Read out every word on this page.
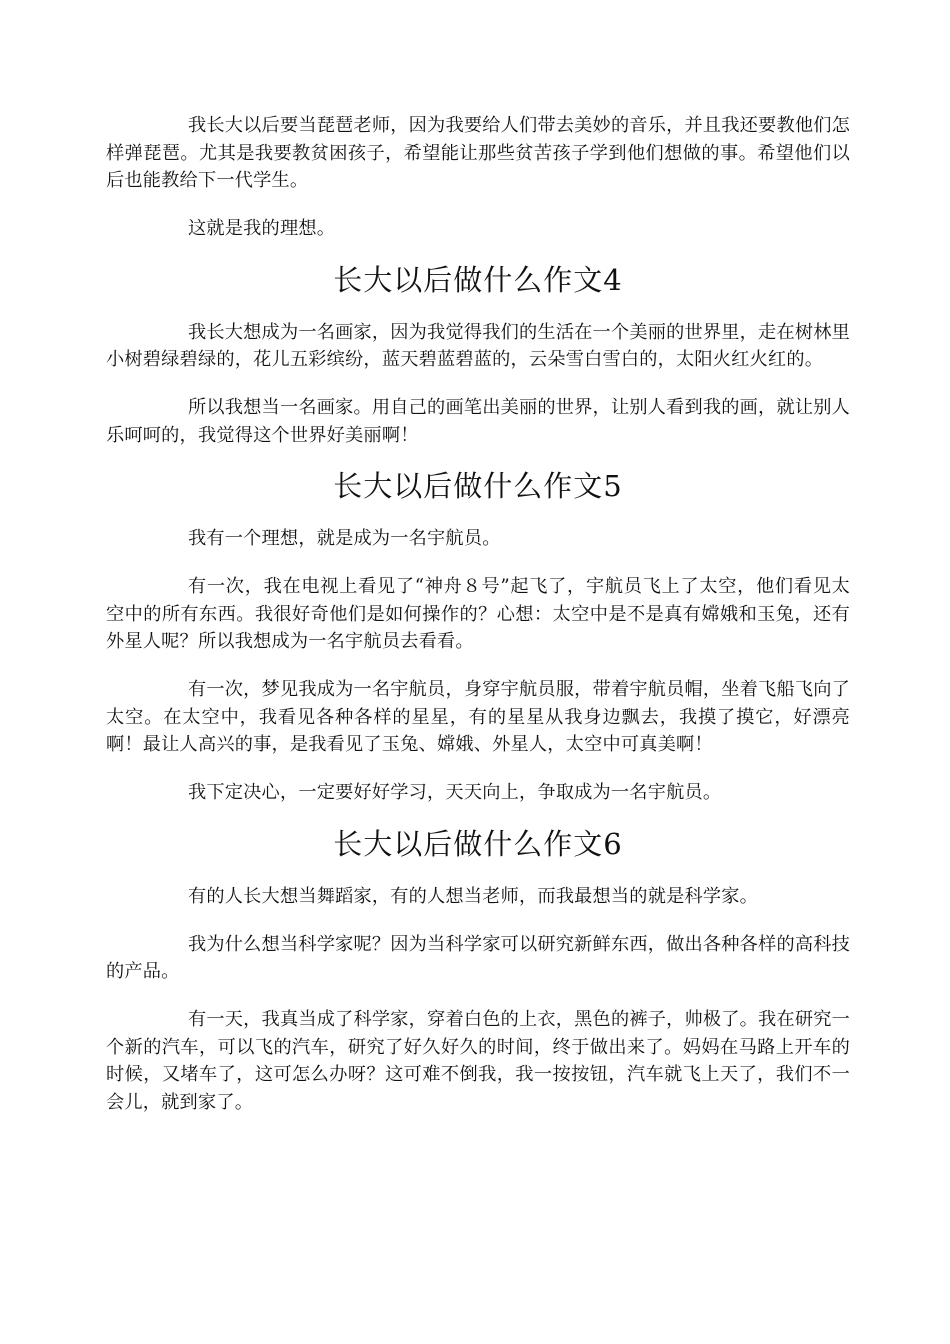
我长大以后要当琵琶老师，因为我要给人们带去美妙的音乐，并且我还要教他们怎样弹琵琶。尤其是我要教贫困孩子，希望能让那些贫苦孩子学到他们想做的事。希望他们以后也能教给下一代学生。

这就是我的理想。

长大以后做什么作文4

我长大想成为一名画家，因为我觉得我们的生活在一个美丽的世界里，走在树林里小树碧绿碧绿的，花儿五彩缤纷，蓝天碧蓝碧蓝的，云朵雪白雪白的，太阳火红火红的。

所以我想当一名画家。用自己的画笔出美丽的世界，让别人看到我的画，就让别人乐呵呵的，我觉得这个世界好美丽啊！

长大以后做什么作文5

我有一个理想，就是成为一名宇航员。

有一次，我在电视上看见了“神舟８号”起飞了，宇航员飞上了太空，他们看见太空中的所有东西。我很好奇他们是如何操作的？心想：太空中是不是真有嫦娥和玉兔，还有外星人呢？所以我想成为一名宇航员去看看。

有一次，梦见我成为一名宇航员，身穿宇航员服，带着宇航员帽，坐着飞船飞向了太空。在太空中，我看见各种各样的星星，有的星星从我身边飘去，我摸了摸它，好漂亮啊！最让人高兴的事，是我看见了玉兔、嫦娥、外星人，太空中可真美啊！

我下定决心，一定要好好学习，天天向上，争取成为一名宇航员。

长大以后做什么作文6

有的人长大想当舞蹈家，有的人想当老师，而我最想当的就是科学家。

我为什么想当科学家呢？因为当科学家可以研究新鲜东西，做出各种各样的高科技的产品。

有一天，我真当成了科学家，穿着白色的上衣，黑色的裤子，帅极了。我在研究一个新的汽车，可以飞的汽车，研究了好久好久的时间，终于做出来了。妈妈在马路上开车的时候，又堵车了，这可怎么办呀？这可难不倒我，我一按按钮，汽车就飞上天了，我们不一会儿，就到家了。
